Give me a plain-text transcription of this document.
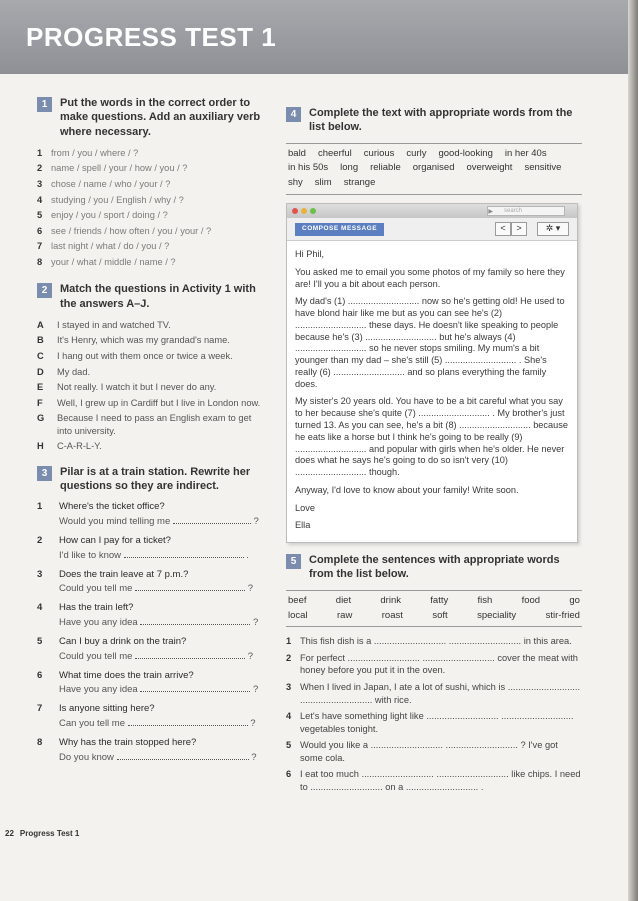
PROGRESS TEST 1
1	Put the words in the correct order to make questions. Add an auxiliary verb where necessary.
1 from / you / where / ?
2 name / spell / your / how / you / ?
3 chose / name / who / your / ?
4 studying / you / English / why / ?
5 enjoy / you / sport / doing / ?
6 see / friends / how often / you / your / ?
7 last night / what / do / you / ?
8 your / what / middle / name / ?
2	Match the questions in Activity 1 with the answers A–J.
A	I stayed in and watched TV.
B	It's Henry, which was my grandad's name.
C	I hang out with them once or twice a week.
D	My dad.
E	Not really. I watch it but I never do any.
F	Well, I grew up in Cardiff but I live in London now.
G	Because I need to pass an English exam to get into university.
H	C-A-R-L-Y.
3	Pilar is at a train station. Rewrite her questions so they are indirect.
1	Where's the ticket office?
Would you mind telling me	?
2	How can I pay for a ticket?
I'd like to know	.
3	Does the train leave at 7 p.m.?
Could you tell me	?
4	Has the train left?
Have you any idea	?
5	Can I buy a drink on the train?
Could you tell me	?
6	What time does the train arrive?
Have you any idea	?
7	Is anyone sitting here?
Can you tell me	?
8	Why has the train stopped here?
Do you know	?
4	Complete the text with appropriate words from the list below.
bald cheerful curious curly good-looking in her 40s
in his 50s long reliable organised overweight sensitive
shy slim strange
search
▶
COMPOSE MESSAGE	<	>	✲ ▾

Hi Phil,

You asked me to email you some photos of my family so here they are! I'll you a bit about each person.

My dad's (1) ............................ now so he's getting old! He used to have blond hair like me but as you can see he's (2) ............................ these days. He doesn't like speaking to people because he's (3) ............................ but he's always (4) ............................ so he never stops smiling. My mum's a bit younger than my dad – she's still (5) ............................ . She's really (6) ............................ and so plans everything the family does.

My sister's 20 years old. You have to be a bit careful what you say to her because she's quite (7) ............................ . My brother's just turned 13. As you can see, he's a bit (8) ............................ because he eats like a horse but I think he's going to be really (9) ............................ and popular with girls when he's older. He never does what he says he's going to do so isn't very (10) ............................ though.

Anyway, I'd love to know about your family! Write soon.

Love

Ella

5	Complete the sentences with appropriate words from the list below.
beef	diet	drink	fatty	fish	food	go
local	raw	roast	soft	speciality	stir-fried
1 This fish dish is a ............................ ............................ in this area.
2 For perfect ............................ ............................ cover the meat with honey before you put it in the oven.
3 When I lived in Japan, I ate a lot of sushi, which is ............................ ............................ with rice.
4 Let's have something light like ............................ ............................ vegetables tonight.
5 Would you like a ............................ ............................ ? I've got some cola.
6 I eat too much ............................ ............................ like chips. I need to ............................ on a ............................ .
22 Progress Test 1
